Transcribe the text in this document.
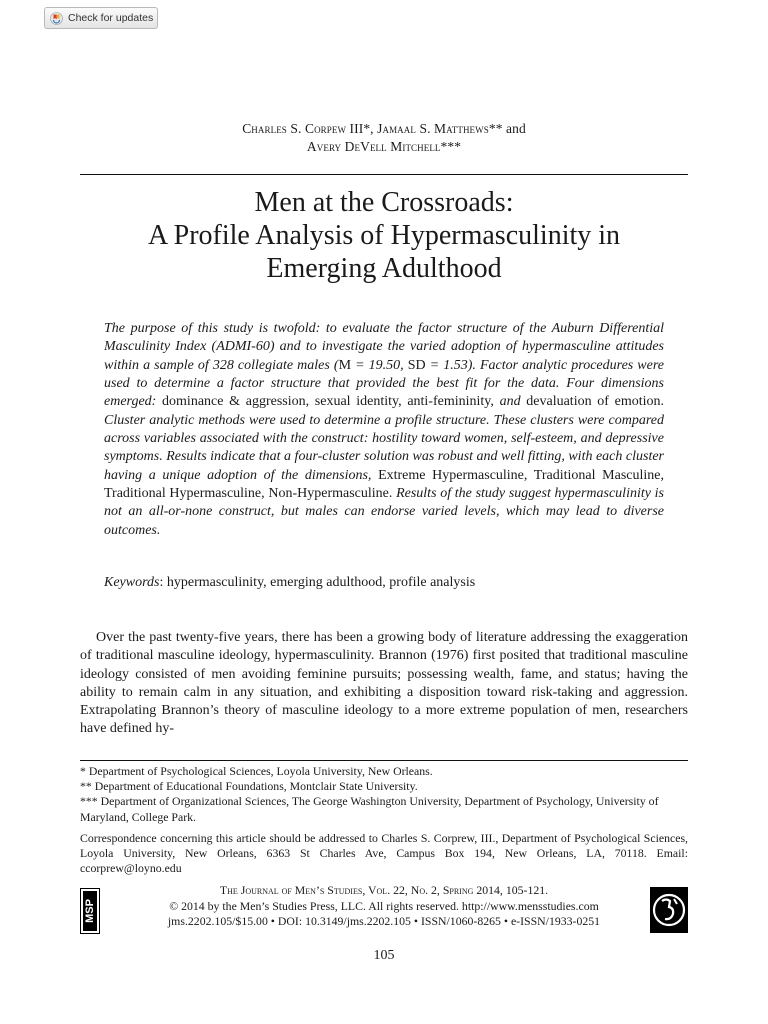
Check for updates
Charles S. Corpew III*, Jamaal S. Matthews** and
Avery DeVell Mitchell***
Men at the Crossroads:
A Profile Analysis of Hypermasculinity in
Emerging Adulthood

The purpose of this study is twofold: to evaluate the factor structure of the Auburn Differential Masculinity Index (ADMI-60) and to investigate the varied adoption of hypermasculine attitudes within a sample of 328 collegiate males (M = 19.50, SD = 1.53). Factor analytic procedures were used to determine a factor structure that provided the best fit for the data. Four dimensions emerged: dominance & aggression, sexual identity, anti-femininity, and devaluation of emotion. Cluster analytic methods were used to determine a profile structure. These clusters were compared across variables associated with the construct: hostility toward women, self-esteem, and depressive symptoms. Results indicate that a four-cluster solution was robust and well fitting, with each cluster having a unique adoption of the dimensions, Extreme Hypermasculine, Traditional Masculine, Traditional Hypermasculine, Non-Hypermasculine. Results of the study suggest hypermasculinity is not an all-or-none construct, but males can endorse varied levels, which may lead to diverse outcomes.

Keywords: hypermasculinity, emerging adulthood, profile analysis

Over the past twenty-five years, there has been a growing body of literature addressing the exaggeration of traditional masculine ideology, hypermasculinity. Brannon (1976) first posited that traditional masculine ideology consisted of men avoiding feminine pursuits; possessing wealth, fame, and status; having the ability to remain calm in any situation, and exhibiting a disposition toward risk-taking and aggression. Extrapolating Brannon’s theory of masculine ideology to a more extreme population of men, researchers have defined hy-

* Department of Psychological Sciences, Loyola University, New Orleans.

** Department of Educational Foundations, Montclair State University.

*** Department of Organizational Sciences, The George Washington University, Department of Psychology, University of Maryland, College Park.

Correspondence concerning this article should be addressed to Charles S. Corprew, III., Department of Psychological Sciences, Loyola University, New Orleans, 6363 St Charles Ave, Campus Box 194, New Orleans, LA, 70118. Email: ccorprew@loyno.edu

MSP

The Journal of Men’s Studies, Vol. 22, No. 2, Spring 2014, 105-121.

© 2014 by the Men’s Studies Press, LLC. All rights reserved. http://www.mensstudies.com

jms.2202.105/$15.00 • DOI: 10.3149/jms.2202.105 • ISSN/1060-8265 • e-ISSN/1933-0251

105
